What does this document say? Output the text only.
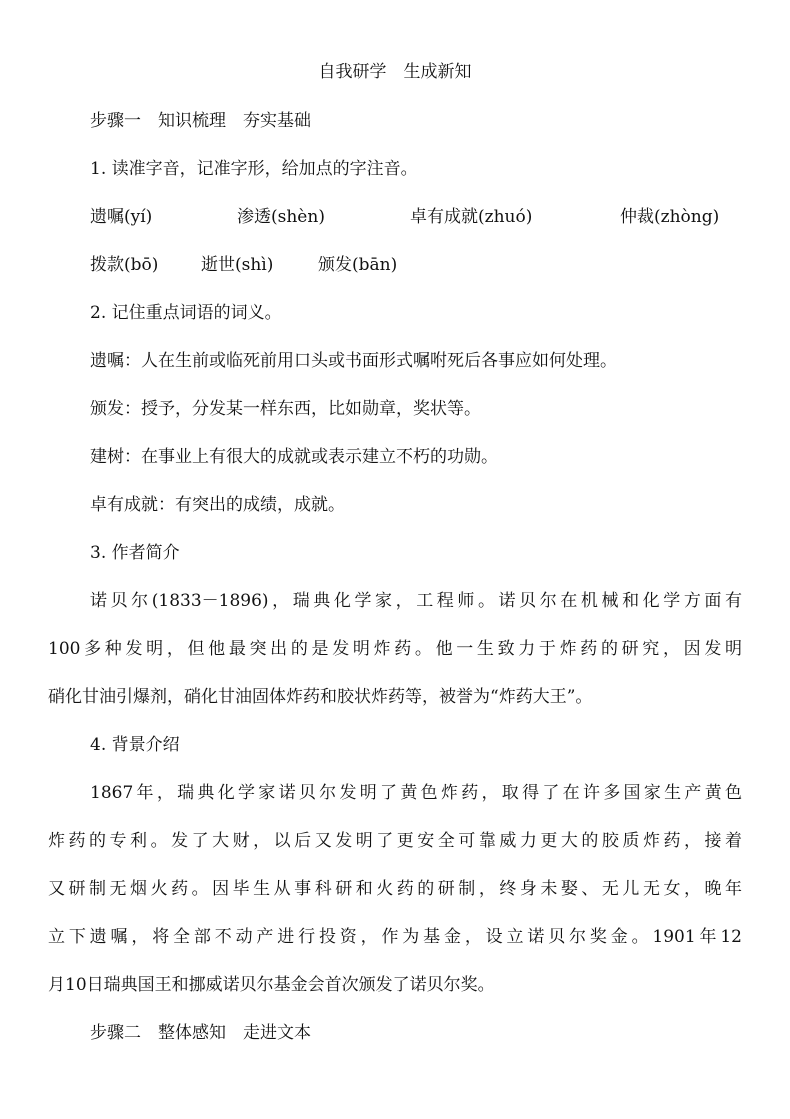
自我研学　生成新知
步骤一　知识梳理　夯实基础
1. 读准字音，记准字形，给加点的字注音。
遗嘱(yí)	渗透(shèn)	卓有成就(zhuó)	仲裁(zhòng)
拨款(bō)	逝世(shì)	颁发(bān)
2. 记住重点词语的词义。
遗嘱：人在生前或临死前用口头或书面形式嘱咐死后各事应如何处理。
颁发：授予，分发某一样东西，比如勋章，奖状等。
建树：在事业上有很大的成就或表示建立不朽的功勋。
卓有成就：有突出的成绩，成就。
3. 作者简介
诺贝尔(1833－1896)，瑞典化学家，工程师。诺贝尔在机械和化学方面有
100多种发明，但他最突出的是发明炸药。他一生致力于炸药的研究，因发明
硝化甘油引爆剂，硝化甘油固体炸药和胶状炸药等，被誉为“炸药大王”。
4. 背景介绍
1867年，瑞典化学家诺贝尔发明了黄色炸药，取得了在许多国家生产黄色
炸药的专利。发了大财，以后又发明了更安全可靠威力更大的胶质炸药，接着
又研制无烟火药。因毕生从事科研和火药的研制，终身未娶、无儿无女，晚年
立下遗嘱，将全部不动产进行投资，作为基金，设立诺贝尔奖金。1901年12
月10日瑞典国王和挪威诺贝尔基金会首次颁发了诺贝尔奖。
步骤二　整体感知　走进文本
